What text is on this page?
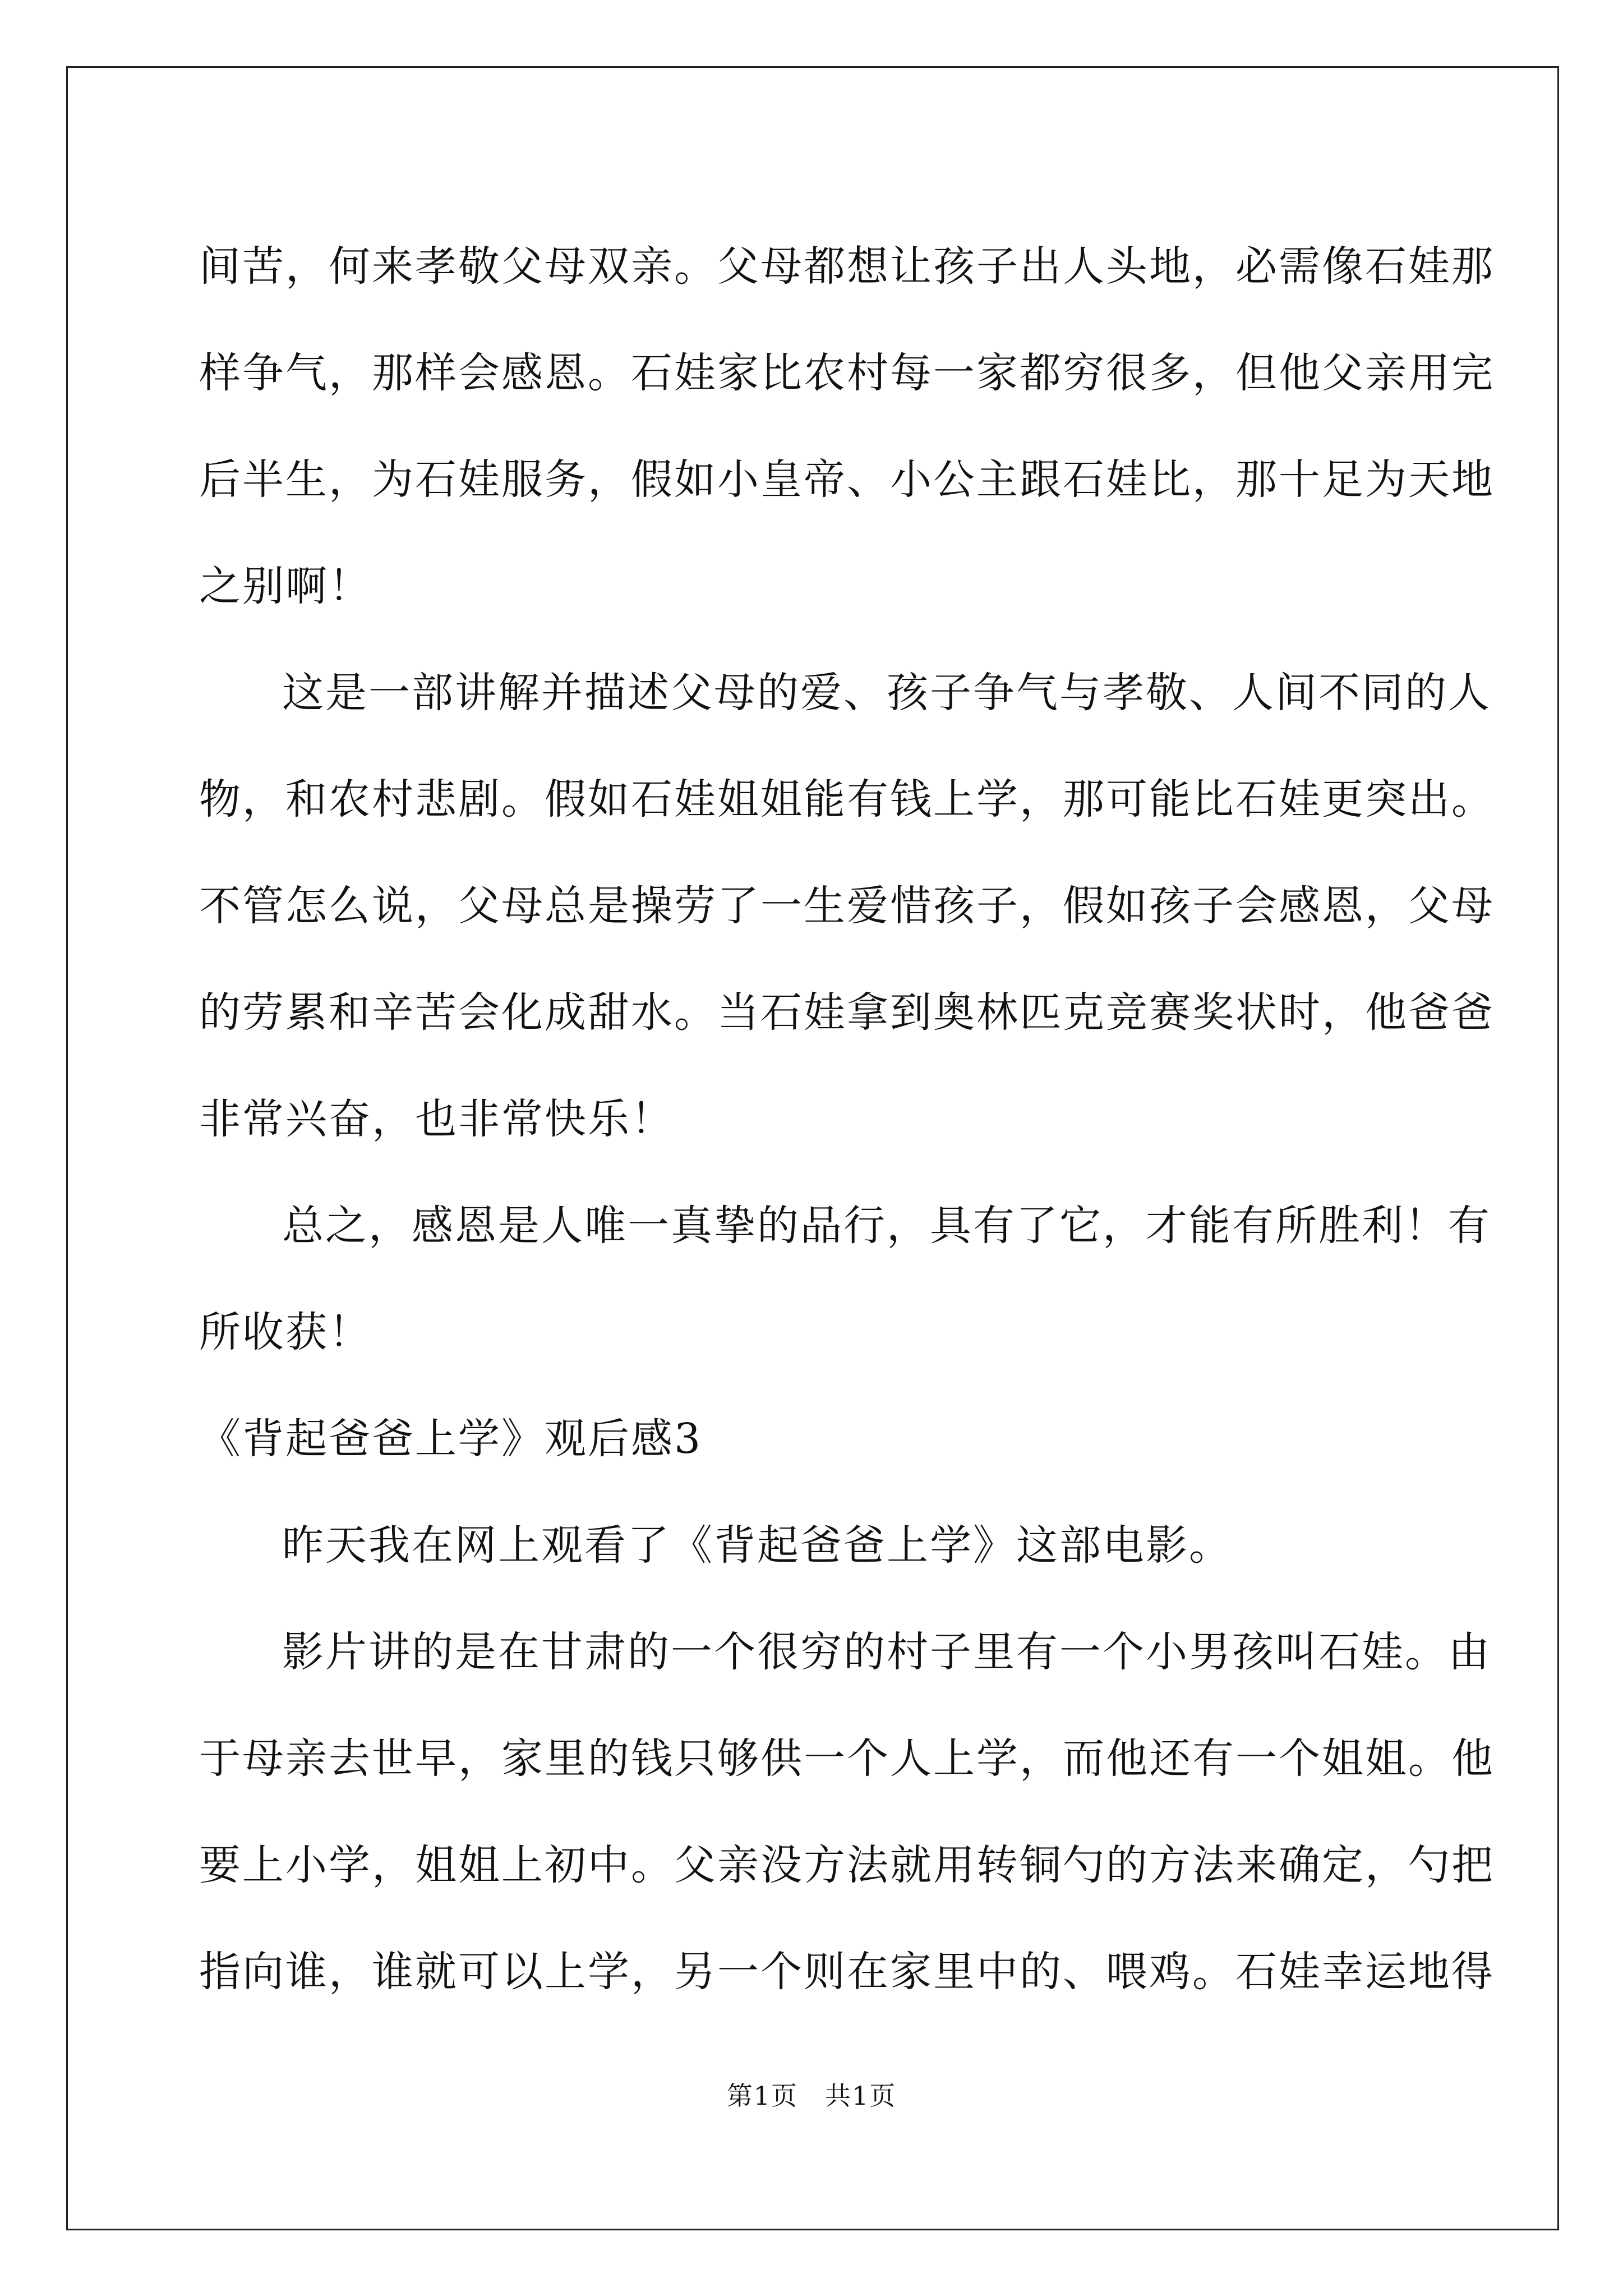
间苦，何来孝敬父母双亲。父母都想让孩子出人头地，必需像石娃那
样争气，那样会感恩。石娃家比农村每一家都穷很多，但他父亲用完
后半生，为石娃服务，假如小皇帝、小公主跟石娃比，那十足为天地
之别啊！
这是一部讲解并描述父母的爱、孩子争气与孝敬、人间不同的人
物，和农村悲剧。假如石娃姐姐能有钱上学，那可能比石娃更突出。
不管怎么说，父母总是操劳了一生爱惜孩子，假如孩子会感恩，父母
的劳累和辛苦会化成甜水。当石娃拿到奥林匹克竞赛奖状时，他爸爸
非常兴奋，也非常快乐！
总之，感恩是人唯一真挚的品行，具有了它，才能有所胜利！有
所收获！
《背起爸爸上学》观后感3
昨天我在网上观看了《背起爸爸上学》这部电影。
影片讲的是在甘肃的一个很穷的村子里有一个小男孩叫石娃。由
于母亲去世早，家里的钱只够供一个人上学，而他还有一个姐姐。他
要上小学，姐姐上初中。父亲没方法就用转铜勺的方法来确定，勺把
指向谁，谁就可以上学，另一个则在家里中的、喂鸡。石娃幸运地得
第1页　共1页
